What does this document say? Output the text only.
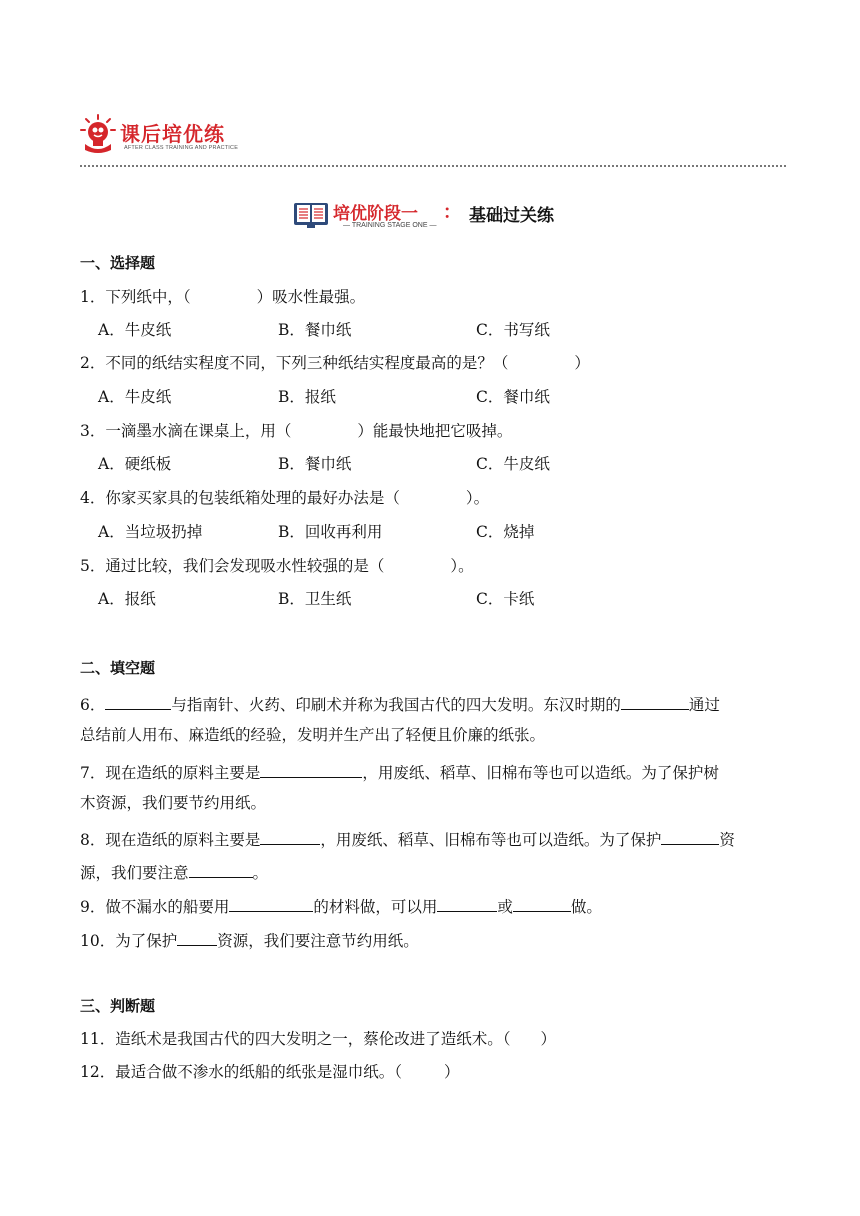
课后培优练
AFTER CLASS TRAINING AND PRACTICE
培优阶段一
— TRAINING STAGE ONE —
： 基础过关练
一、选择题
1．下列纸中，（	）吸水性最强。
A．牛皮纸	B．餐巾纸	C．书写纸
2．不同的纸结实程度不同，下列三种纸结实程度最高的是？（	）
A．牛皮纸	B．报纸	C．餐巾纸
3．一滴墨水滴在课桌上，用（	）能最快地把它吸掉。
A．硬纸板	B．餐巾纸	C．牛皮纸
4．你家买家具的包装纸箱处理的最好办法是（	）。
A．当垃圾扔掉	B．回收再利用	C．烧掉
5．通过比较，我们会发现吸水性较强的是（	）。
A．报纸	B．卫生纸	C．卡纸
二、填空题
6．	与指南针、火药、印刷术并称为我国古代的四大发明。东汉时期的	通过
总结前人用布、麻造纸的经验，发明并生产出了轻便且价廉的纸张。
7．现在造纸的原料主要是	，用废纸、稻草、旧棉布等也可以造纸。为了保护树
木资源，我们要节约用纸。
8．现在造纸的原料主要是	，用废纸、稻草、旧棉布等也可以造纸。为了保护	资
源，我们要注意	。
9．做不漏水的船要用	的材料做，可以用	或	做。
10．为了保护	资源，我们要注意节约用纸。
三、判断题
11．造纸术是我国古代的四大发明之一，蔡伦改进了造纸术。（ ）
12．最适合做不渗水的纸船的纸张是湿巾纸。（	）
